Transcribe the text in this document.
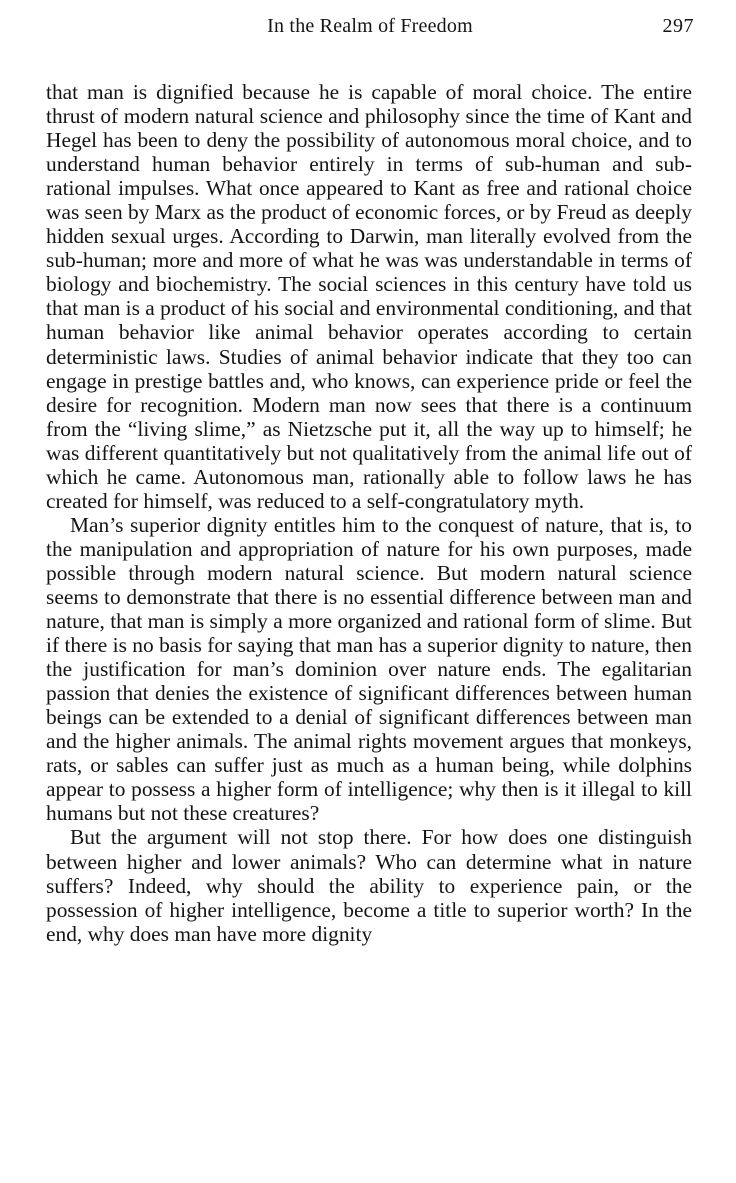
In the Realm of Freedom	297

that man is dignified because he is capable of moral choice. The entire thrust of modern natural science and philosophy since the time of Kant and Hegel has been to deny the possibility of autonomous moral choice, and to understand human behavior entirely in terms of sub-human and sub-rational impulses. What once appeared to Kant as free and rational choice was seen by Marx as the product of economic forces, or by Freud as deeply hidden sexual urges. According to Darwin, man literally evolved from the sub-human; more and more of what he was was understandable in terms of biology and biochemistry. The social sciences in this century have told us that man is a product of his social and environmental conditioning, and that human behavior like animal behavior operates according to certain deterministic laws. Studies of animal behavior indicate that they too can engage in prestige battles and, who knows, can experience pride or feel the desire for recognition. Modern man now sees that there is a continuum from the “living slime,” as Nietzsche put it, all the way up to himself; he was different quantitatively but not qualitatively from the animal life out of which he came. Autonomous man, rationally able to follow laws he has created for himself, was reduced to a self-congratulatory myth.

Man’s superior dignity entitles him to the conquest of nature, that is, to the manipulation and appropriation of nature for his own purposes, made possible through modern natural science. But modern natural science seems to demonstrate that there is no essential difference between man and nature, that man is simply a more organized and rational form of slime. But if there is no basis for saying that man has a superior dignity to nature, then the justification for man’s dominion over nature ends. The egalitarian passion that denies the existence of significant differences between human beings can be extended to a denial of significant differences between man and the higher animals. The animal rights movement argues that monkeys, rats, or sables can suffer just as much as a human being, while dolphins appear to possess a higher form of intelligence; why then is it illegal to kill humans but not these creatures?

But the argument will not stop there. For how does one distinguish between higher and lower animals? Who can determine what in nature suffers? Indeed, why should the ability to experience pain, or the possession of higher intelligence, become a title to superior worth? In the end, why does man have more dignity
